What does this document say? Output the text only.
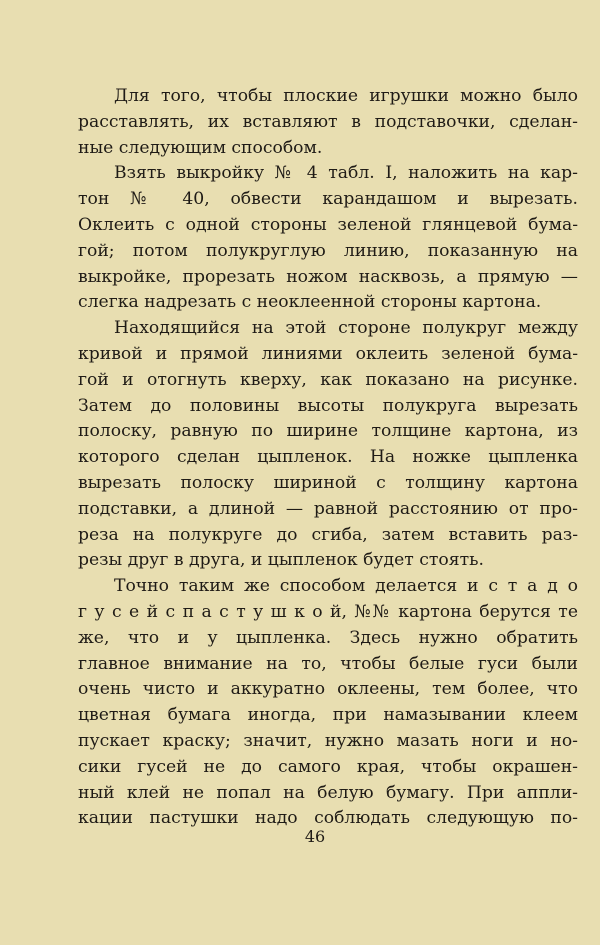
Для того, чтобы плоские игрушки можно было
расставлять, их вставляют в подставочки, сделан-
ные следующим способом.
Взять выкройку № 4 табл. I, наложить на кар-
тон № 40, обвести карандашом и вырезать.
Оклеить с одной стороны зеленой глянцевой бума-
гой; потом полукруглую линию, показанную на
выкройке, прорезать ножом насквозь, а прямую —
слегка надрезать с неоклеенной стороны картона.
Находящийся на этой стороне полукруг между
кривой и прямой линиями оклеить зеленой бума-
гой и отогнуть кверху, как показано на рисунке.
Затем до половины высоты полукруга вырезать
полоску, равную по ширине толщине картона, из
которого сделан цыпленок. На ножке цыпленка
вырезать полоску шириной с толщину картона
подставки, а длиной — равной расстоянию от про-
реза на полукруге до сгиба, затем вставить раз-
резы друг в друга, и цыпленок будет стоять.
Точно таким же способом делается и с т а д о
г у с е й с п а с т у ш к о й, №№ картона берутся те
же, что и у цыпленка. Здесь нужно обратить
главное внимание на то, чтобы белые гуси были
очень чисто и аккуратно оклеены, тем более, что
цветная бумага иногда, при намазывании клеем
пускает краску; значит, нужно мазать ноги и но-
сики гусей не до самого края, чтобы окрашен-
ный клей не попал на белую бумагу. При аппли-
кации пастушки надо соблюдать следующую по-
46
